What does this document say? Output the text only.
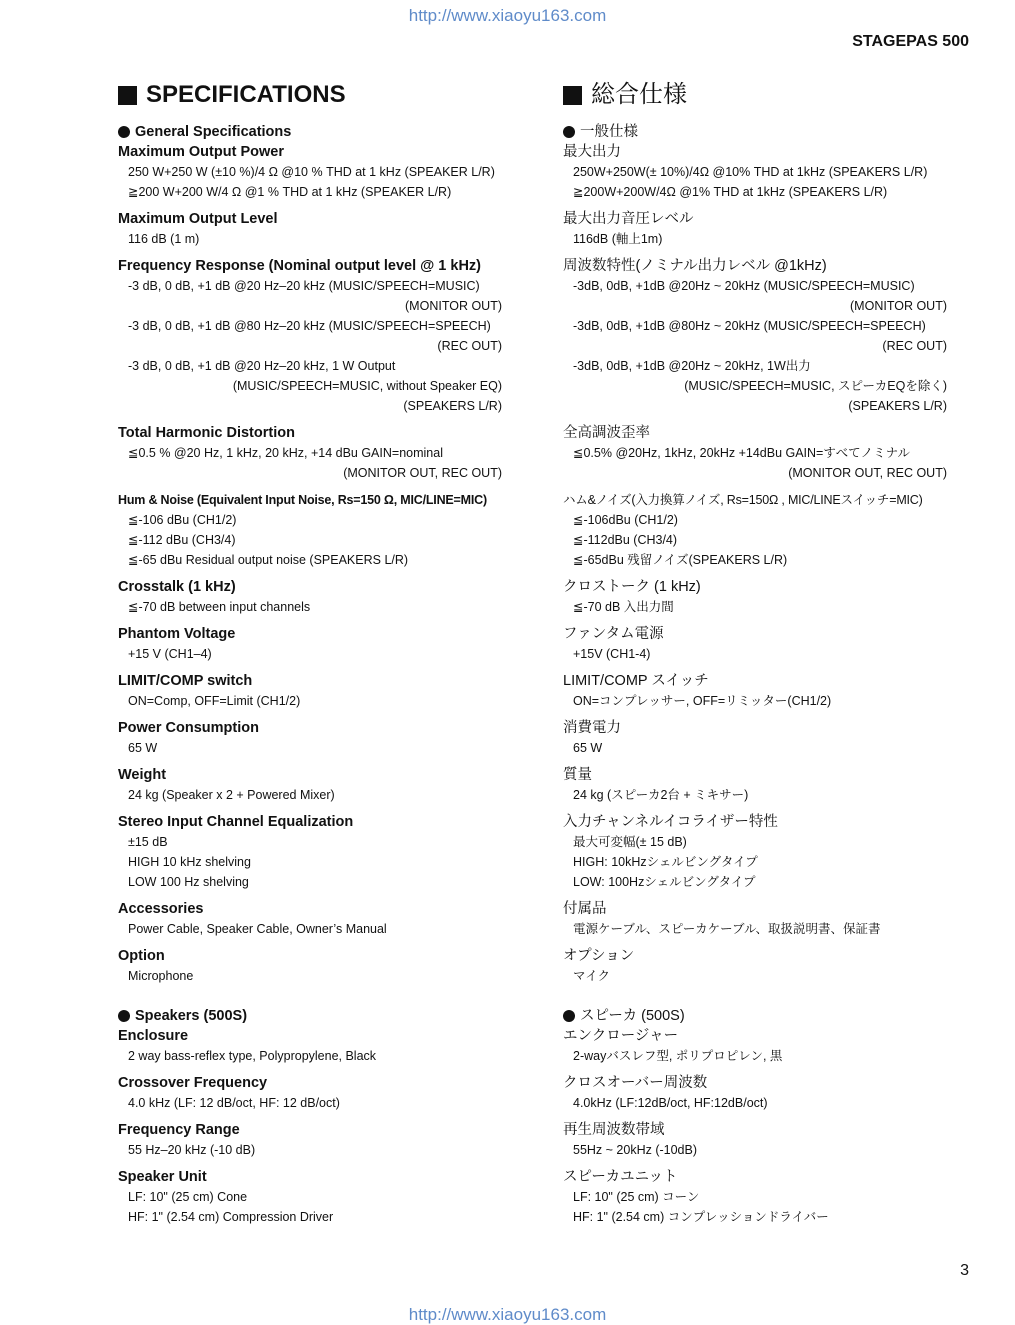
http://www.xiaoyu163.com
STAGEPAS 500
SPECIFICATIONS
General Specifications
Maximum Output Power
250 W+250 W (±10 %)/4 Ω @10 % THD at 1 kHz (SPEAKER L/R)
≧200 W+200 W/4 Ω @1 % THD at 1 kHz (SPEAKER L/R)
Maximum Output Level
116 dB (1 m)
Frequency Response (Nominal output level @ 1 kHz)
-3 dB, 0 dB, +1 dB @20 Hz–20 kHz (MUSIC/SPEECH=MUSIC)
(MONITOR OUT)
-3 dB, 0 dB, +1 dB @80 Hz–20 kHz (MUSIC/SPEECH=SPEECH)
(REC OUT)
-3 dB, 0 dB, +1 dB @20 Hz–20 kHz, 1 W Output
(MUSIC/SPEECH=MUSIC, without Speaker EQ)
(SPEAKERS L/R)
Total Harmonic Distortion
≦0.5 % @20 Hz, 1 kHz, 20 kHz, +14 dBu GAIN=nominal
(MONITOR OUT, REC OUT)
Hum & Noise (Equivalent Input Noise, Rs=150 Ω, MIC/LINE=MIC)
≦-106 dBu (CH1/2)
≦-112 dBu (CH3/4)
≦-65 dBu Residual output noise (SPEAKERS L/R)
Crosstalk (1 kHz)
≦-70 dB between input channels
Phantom Voltage
+15 V (CH1–4)
LIMIT/COMP switch
ON=Comp, OFF=Limit (CH1/2)
Power Consumption
65 W
Weight
24 kg (Speaker x 2 + Powered Mixer)
Stereo Input Channel Equalization
±15 dB
HIGH 10 kHz shelving
LOW 100 Hz shelving
Accessories
Power Cable, Speaker Cable, Owner’s Manual
Option
Microphone
Speakers (500S)
Enclosure
2 way bass-reflex type, Polypropylene, Black
Crossover Frequency
4.0 kHz (LF: 12 dB/oct, HF: 12 dB/oct)
Frequency Range
55 Hz–20 kHz (-10 dB)
Speaker Unit
LF: 10" (25 cm) Cone
HF: 1" (2.54 cm) Compression Driver
総合仕様
一般仕様
最大出力
250W+250W(± 10%)/4Ω @10% THD at 1kHz (SPEAKERS L/R)
≧200W+200W/4Ω @1% THD at 1kHz (SPEAKERS L/R)
最大出力音圧レベル
116dB (軸上1m)
周波数特性(ノミナル出力レベル @1kHz)
-3dB, 0dB, +1dB @20Hz ~ 20kHz (MUSIC/SPEECH=MUSIC)
(MONITOR OUT)
-3dB, 0dB, +1dB @80Hz ~ 20kHz (MUSIC/SPEECH=SPEECH)
(REC OUT)
-3dB, 0dB, +1dB @20Hz ~ 20kHz, 1W出力
(MUSIC/SPEECH=MUSIC, スピーカEQを除く)
(SPEAKERS L/R)
全高調波歪率
≦0.5% @20Hz, 1kHz, 20kHz +14dBu GAIN=すべてノミナル
(MONITOR OUT, REC OUT)
ハム&ノイズ(入力換算ノイズ, Rs=150Ω , MIC/LINEスイッチ=MIC)
≦-106dBu (CH1/2)
≦-112dBu (CH3/4)
≦-65dBu 残留ノイズ(SPEAKERS L/R)
クロストーク (1 kHz)
≦-70 dB 入出力間
ファンタム電源
+15V (CH1-4)
LIMIT/COMP スイッチ
ON=コンプレッサー, OFF=リミッター(CH1/2)
消費電力
65 W
質量
24 kg (スピーカ2台 + ミキサー)
入力チャンネルイコライザー特性
最大可変幅(± 15 dB)
HIGH: 10kHzシェルビングタイプ
LOW: 100Hzシェルビングタイプ
付属品
電源ケーブル、スピーカケーブル、取扱説明書、保証書
オプション
マイク
スピーカ (500S)
エンクロージャー
2-wayバスレフ型, ポリプロピレン, 黒
クロスオーバー周波数
4.0kHz (LF:12dB/oct, HF:12dB/oct)
再生周波数帯域
55Hz ~ 20kHz (-10dB)
スピーカユニット
LF: 10" (25 cm) コーン
HF: 1" (2.54 cm) コンプレッションドライバー
3
http://www.xiaoyu163.com
